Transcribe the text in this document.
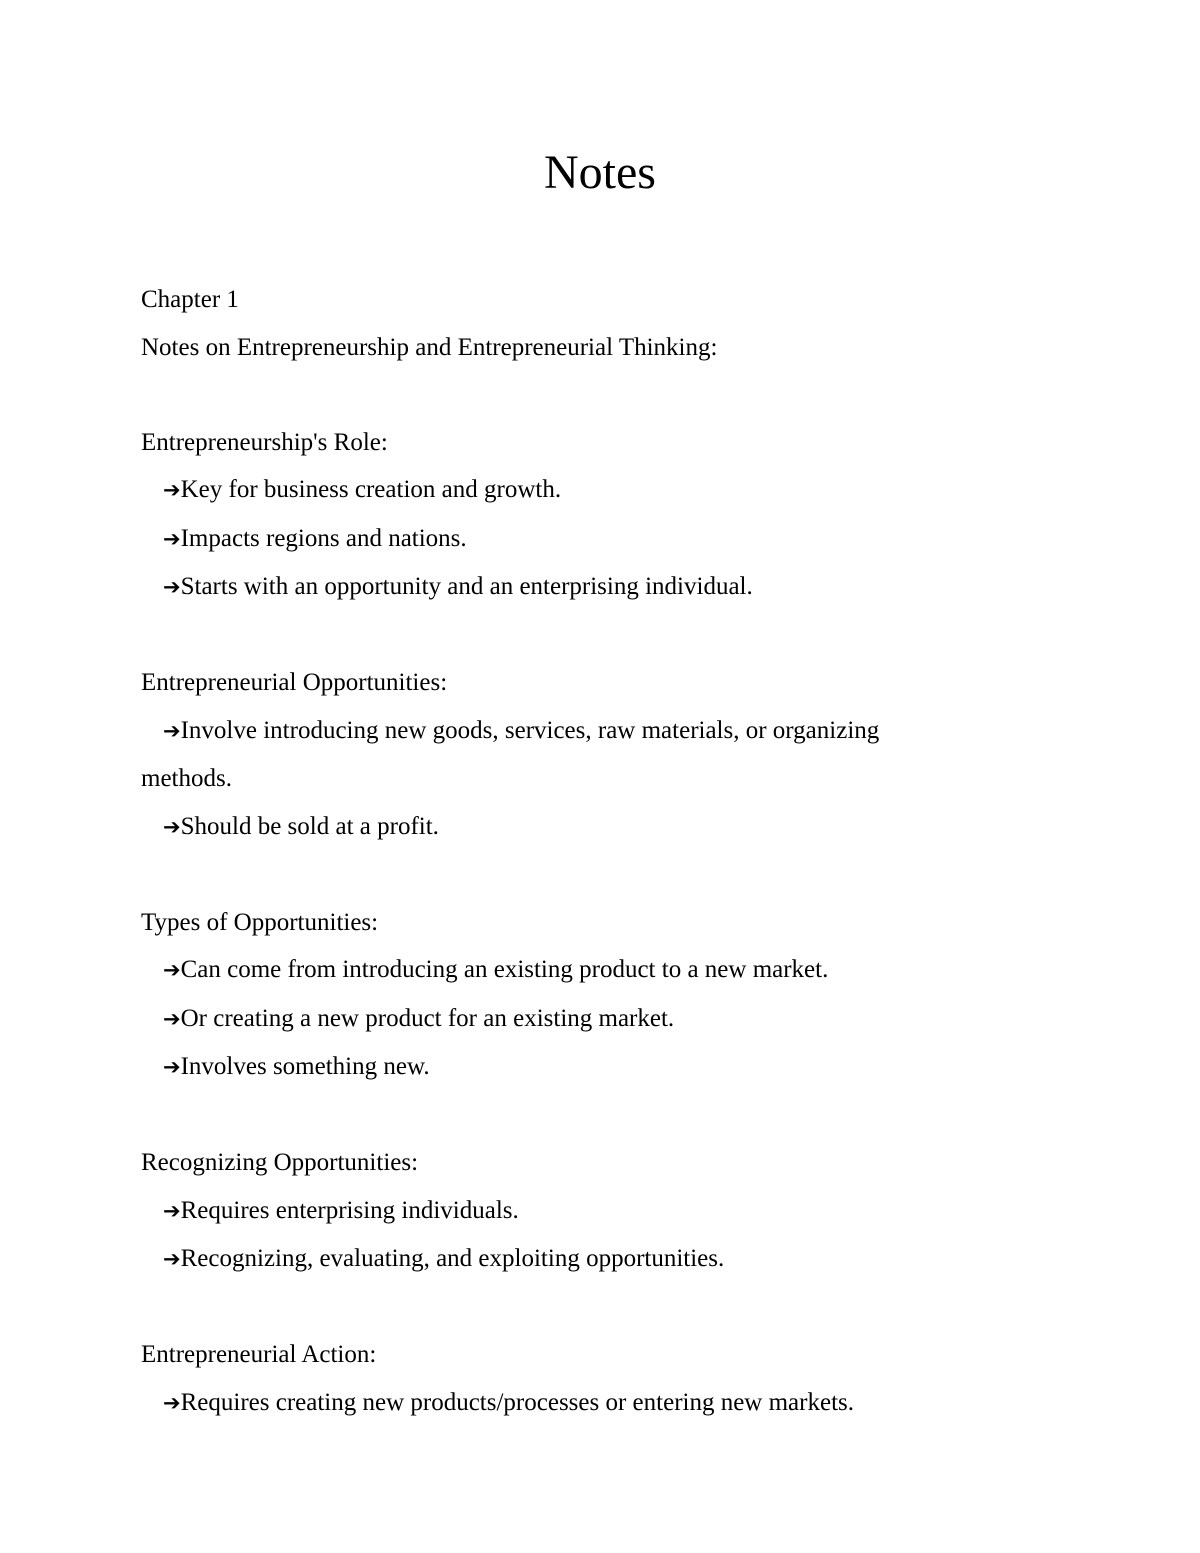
Notes

Chapter 1

Notes on Entrepreneurship and Entrepreneurial Thinking:

Entrepreneurship's Role:

➔Key for business creation and growth.

➔Impacts regions and nations.

➔Starts with an opportunity and an enterprising individual.

Entrepreneurial Opportunities:

➔Involve introducing new goods, services, raw materials, or organizing

methods.

➔Should be sold at a profit.

Types of Opportunities:

➔Can come from introducing an existing product to a new market.

➔Or creating a new product for an existing market.

➔Involves something new.

Recognizing Opportunities:

➔Requires enterprising individuals.

➔Recognizing, evaluating, and exploiting opportunities.

Entrepreneurial Action:

➔Requires creating new products/processes or entering new markets.
